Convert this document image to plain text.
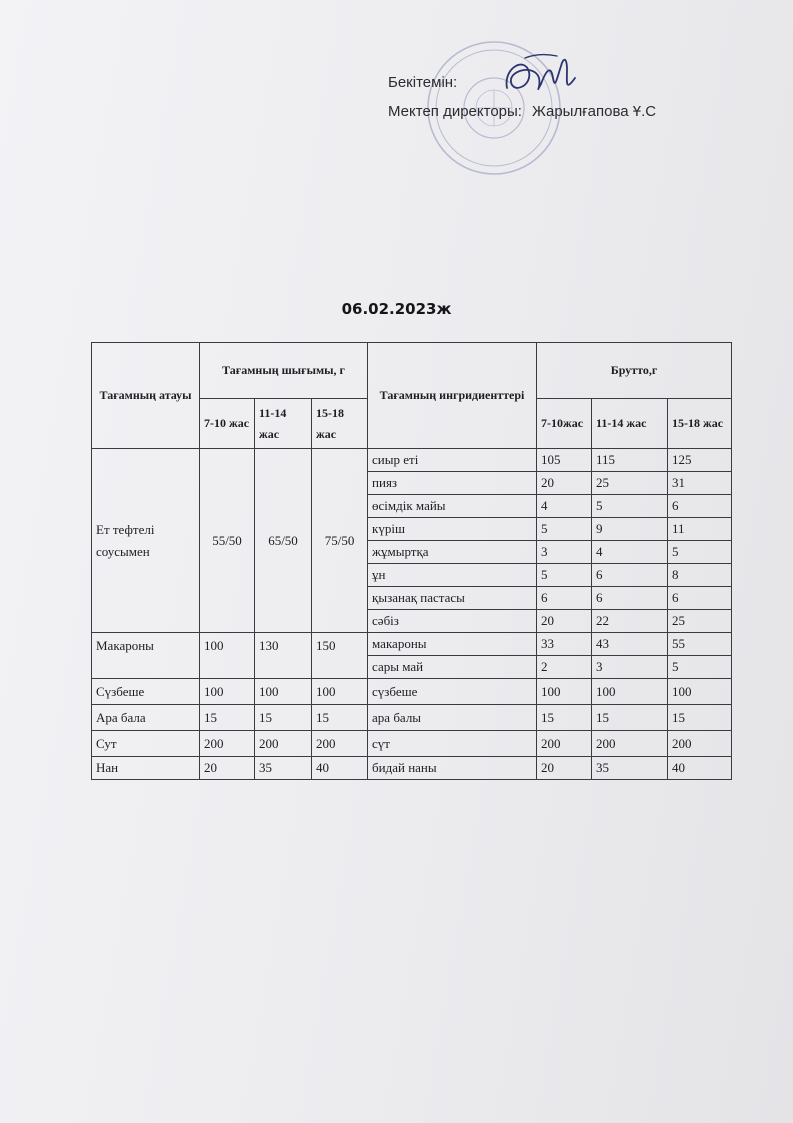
Бекітемін:
Мектеп директоры: Жарылғапова Ұ.С
06.02.2023ж
Тағамның атауы	Тағамның шығымы, г			Тағамның ингридиенттері	Брутто,г		
	7-10 жас	11-14 жас	15-18 жас		7-10жас	11-14 жас	15-18 жас
Ет тефтелі соусымен	55/50	65/50	75/50	сиыр еті	105	115	125
				пияз	20	25	31
				өсімдік майы	4	5	6
				күріш	5	9	11
				жұмыртқа	3	4	5
				ұн	5	6	8
				қызанақ пастасы	6	6	6
				сәбіз	20	22	25
Макароны	100	130	150	макароны	33	43	55
				сары май	2	3	5
Сүзбеше	100	100	100	сүзбеше	100	100	100
Ара бала	15	15	15	ара балы	15	15	15
Сут	200	200	200	сүт	200	200	200
Нан	20	35	40	бидай наны	20	35	40
